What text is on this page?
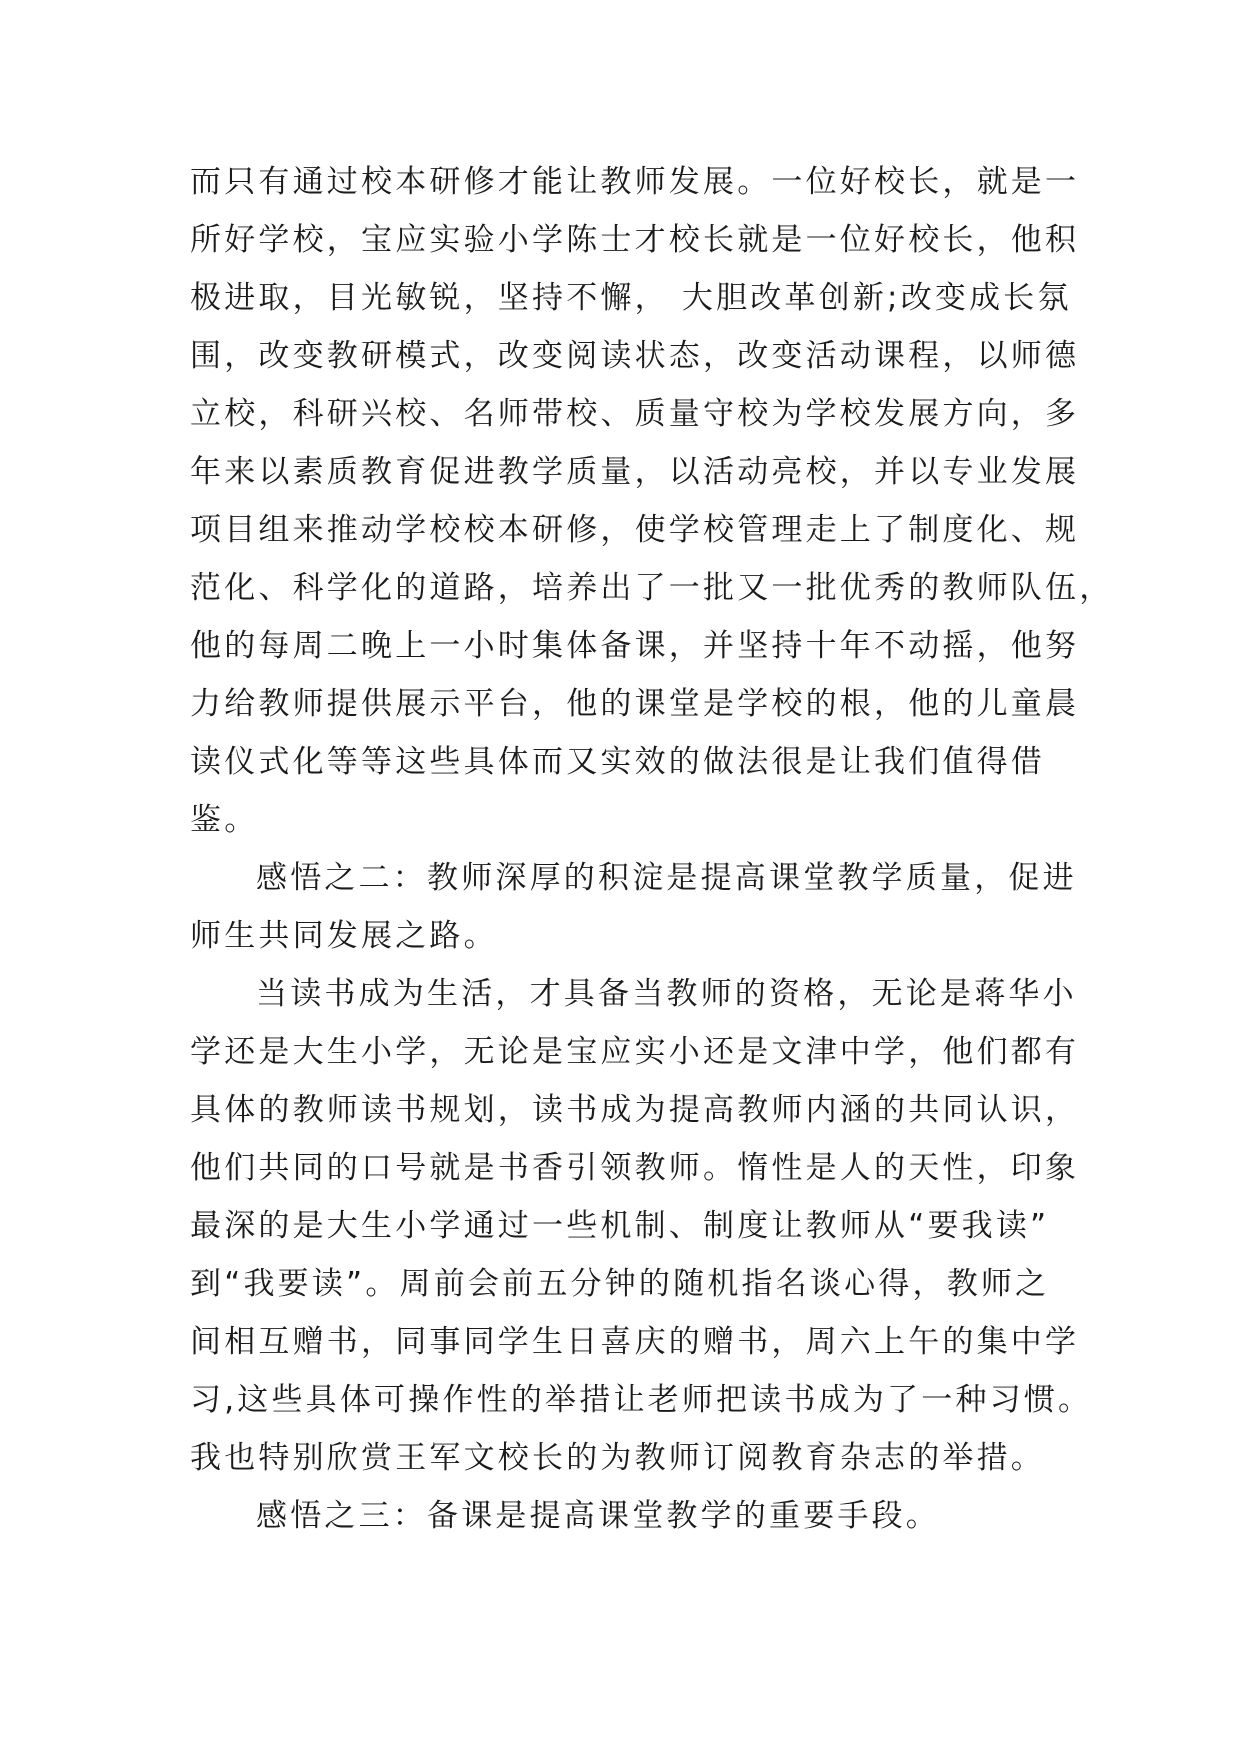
而只有通过校本研修才能让教师发展。一位好校长，就是一
所好学校，宝应实验小学陈士才校长就是一位好校长，他积
极进取，目光敏锐，坚持不懈， 大胆改革创新;改变成长氛
围，改变教研模式，改变阅读状态，改变活动课程，以师德
立校，科研兴校、名师带校、质量守校为学校发展方向，多
年来以素质教育促进教学质量，以活动亮校，并以专业发展
项目组来推动学校校本研修，使学校管理走上了制度化、规
范化、科学化的道路，培养出了一批又一批优秀的教师队伍，
他的每周二晚上一小时集体备课，并坚持十年不动摇，他努
力给教师提供展示平台，他的课堂是学校的根，他的儿童晨
读仪式化等等这些具体而又实效的做法很是让我们值得借
鉴。
感悟之二：教师深厚的积淀是提高课堂教学质量，促进
师生共同发展之路。
当读书成为生活，才具备当教师的资格，无论是蒋华小
学还是大生小学，无论是宝应实小还是文津中学，他们都有
具体的教师读书规划，读书成为提高教师内涵的共同认识，
他们共同的口号就是书香引领教师。惰性是人的天性，印象
最深的是大生小学通过一些机制、制度让教师从“要我读”
到“我要读”。周前会前五分钟的随机指名谈心得，教师之
间相互赠书，同事同学生日喜庆的赠书，周六上午的集中学
习,这些具体可操作性的举措让老师把读书成为了一种习惯。
我也特别欣赏王军文校长的为教师订阅教育杂志的举措。
感悟之三：备课是提高课堂教学的重要手段。
